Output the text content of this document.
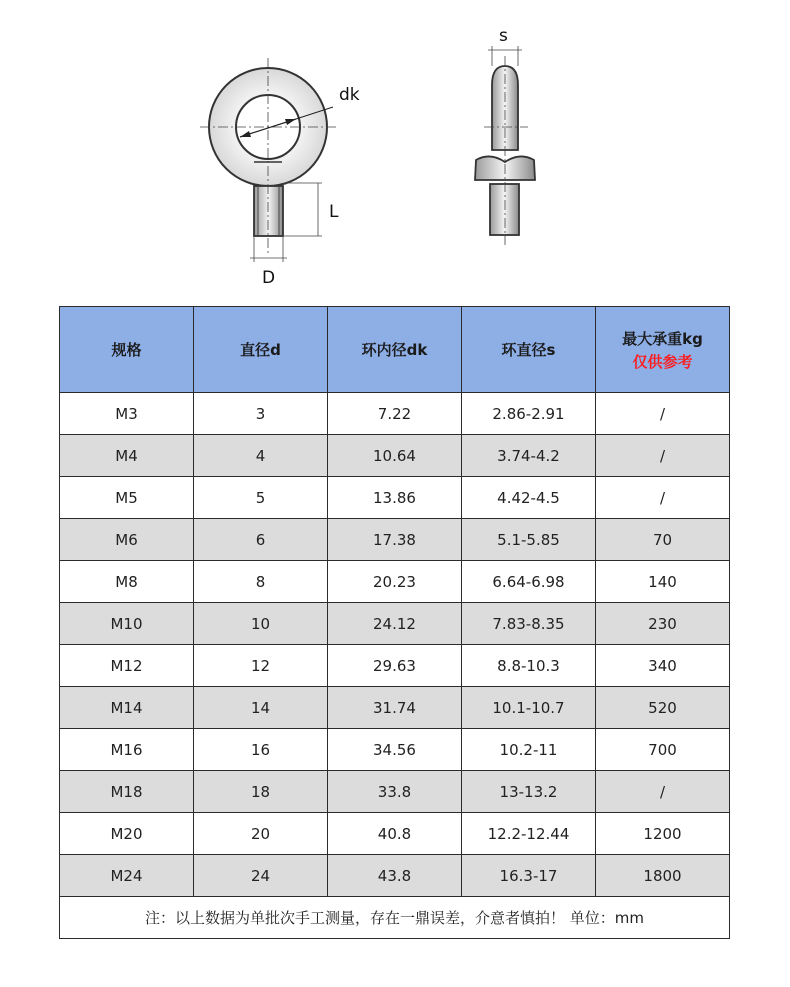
dk
L
D
s
规格	直径d	环内径dk	环直径s	最大承重kg
仅供参考

M3	3	7.22	2.86-2.91	/
M4	4	10.64	3.74-4.2	/
M5	5	13.86	4.42-4.5	/
M6	6	17.38	5.1-5.85	70
M8	8	20.23	6.64-6.98	140
M10	10	24.12	7.83-8.35	230
M12	12	29.63	8.8-10.3	340
M14	14	31.74	10.1-10.7	520
M16	16	34.56	10.2-11	700
M18	18	33.8	13-13.2	/
M20	20	40.8	12.2-12.44	1200
M24	24	43.8	16.3-17	1800
注：以上数据为单批次手工测量，存在一鼎误差，介意者慎拍！ 单位：mm				
